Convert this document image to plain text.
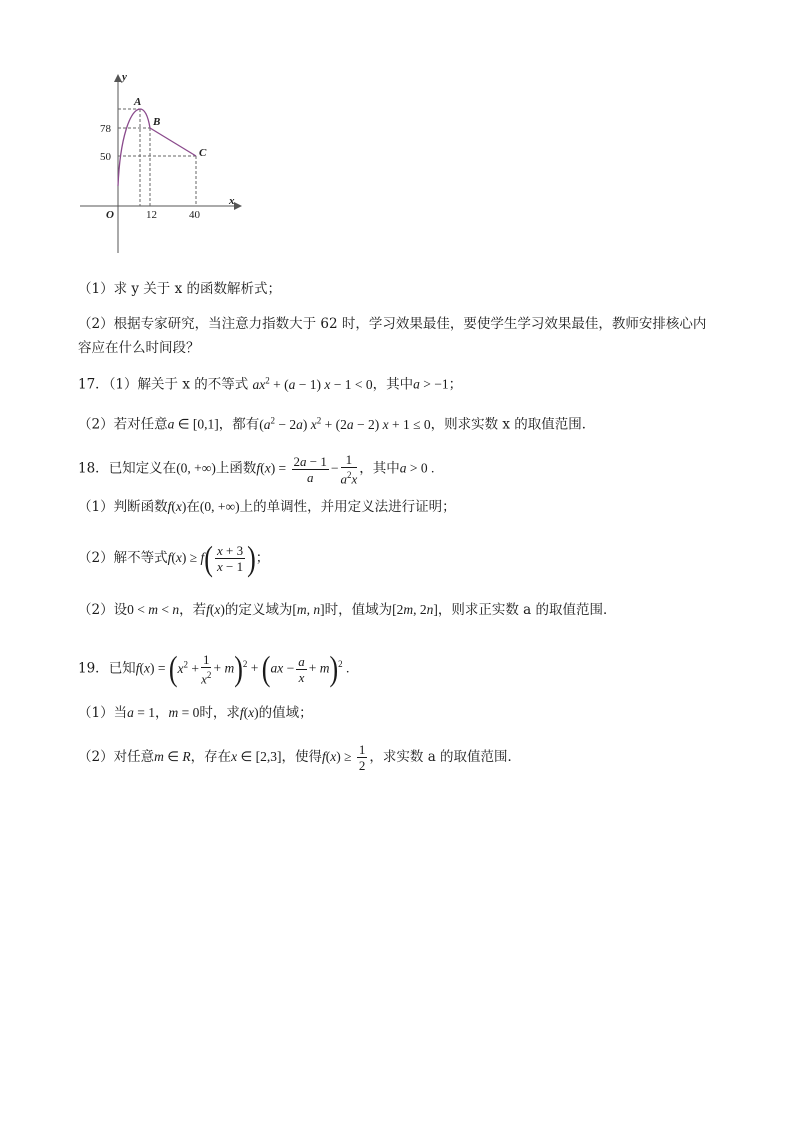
y
x
O
78
50
12	40
A
B
C
（1）求 y 关于 x 的函数解析式；
（2）根据专家研究，当注意力指数大于 62 时，学习效果最佳，要使学生学习效果最佳，教师安排核心内
容应在什么时间段？
17．（1）解关于 x 的不等式 $ax^2 + (a - 1) x - 1 < 0$，其中a > −1；
（2）若对任意a ∈ [0,1]，都有$(a^2 - 2a) x^2 + (2a - 2) x + 1 \le 0$，则求实数 x 的取值范围．
18．已知定义在(0, +∞)上函数$f(x) = \frac{2a - 1}{a} - \frac{1}{a^2x}$ ，其中a > 0 .
（1）判断函数f(x)在(0, +∞)上的单调性，并用定义法进行证明；
（2）解不等式$f(x) \ge f( \frac{x + 3}{x - 1}$ )；
（2）设0 < m < n，若f(x)的定义域为[m, n]时，值域为[2m, 2n]，则求正实数 a 的取值范围．
19．已知$f(x) = (x^2 + \frac{1}{x^2} + m)^2 + (ax - \frac{a}{x} + m)^2$ .
（1）当a = 1，m = 0时，求f(x)的值域；
（2）对任意m ∈ R，存在x ∈ [2,3]，使得$f(x) \ge \frac{1}{2}$ ，求实数 a 的取值范围．
